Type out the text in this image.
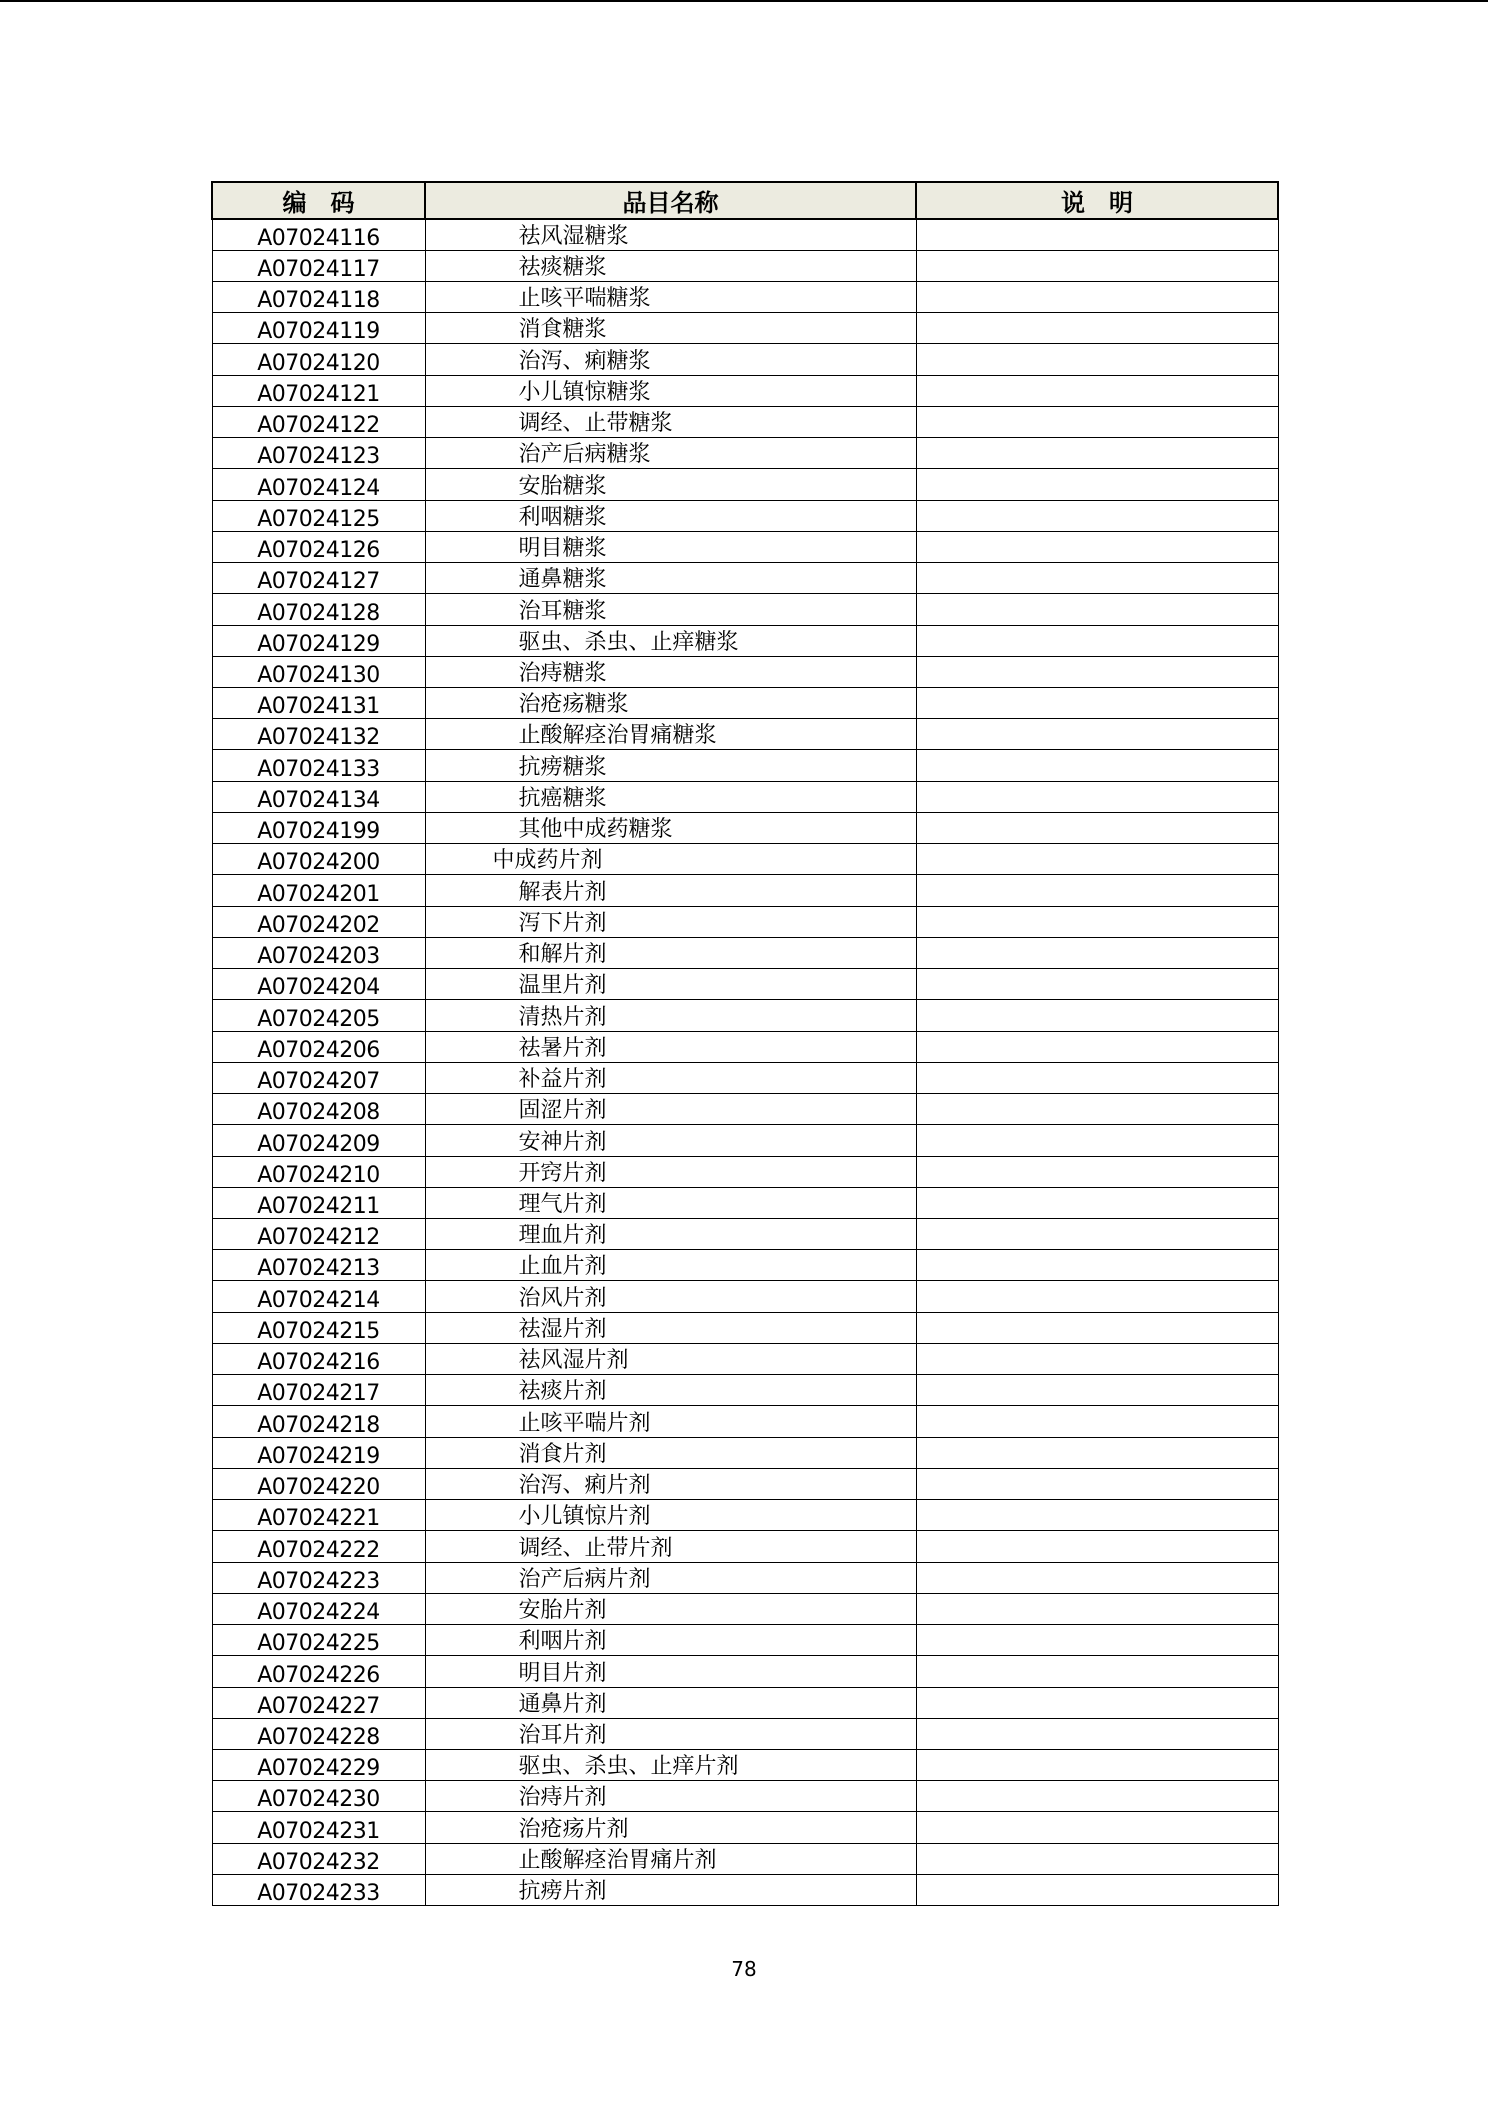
编　码	品目名称	说　明
A07024116	祛风湿糖浆	
A07024117	祛痰糖浆	
A07024118	止咳平喘糖浆	
A07024119	消食糖浆	
A07024120	治泻、痢糖浆	
A07024121	小儿镇惊糖浆	
A07024122	调经、止带糖浆	
A07024123	治产后病糖浆	
A07024124	安胎糖浆	
A07024125	利咽糖浆	
A07024126	明目糖浆	
A07024127	通鼻糖浆	
A07024128	治耳糖浆	
A07024129	驱虫、杀虫、止痒糖浆	
A07024130	治痔糖浆	
A07024131	治疮疡糖浆	
A07024132	止酸解痉治胃痛糖浆	
A07024133	抗痨糖浆	
A07024134	抗癌糖浆	
A07024199	其他中成药糖浆	
A07024200	中成药片剂	
A07024201	解表片剂	
A07024202	泻下片剂	
A07024203	和解片剂	
A07024204	温里片剂	
A07024205	清热片剂	
A07024206	祛暑片剂	
A07024207	补益片剂	
A07024208	固涩片剂	
A07024209	安神片剂	
A07024210	开窍片剂	
A07024211	理气片剂	
A07024212	理血片剂	
A07024213	止血片剂	
A07024214	治风片剂	
A07024215	祛湿片剂	
A07024216	祛风湿片剂	
A07024217	祛痰片剂	
A07024218	止咳平喘片剂	
A07024219	消食片剂	
A07024220	治泻、痢片剂	
A07024221	小儿镇惊片剂	
A07024222	调经、止带片剂	
A07024223	治产后病片剂	
A07024224	安胎片剂	
A07024225	利咽片剂	
A07024226	明目片剂	
A07024227	通鼻片剂	
A07024228	治耳片剂	
A07024229	驱虫、杀虫、止痒片剂	
A07024230	治痔片剂	
A07024231	治疮疡片剂	
A07024232	止酸解痉治胃痛片剂	
A07024233	抗痨片剂	
78
